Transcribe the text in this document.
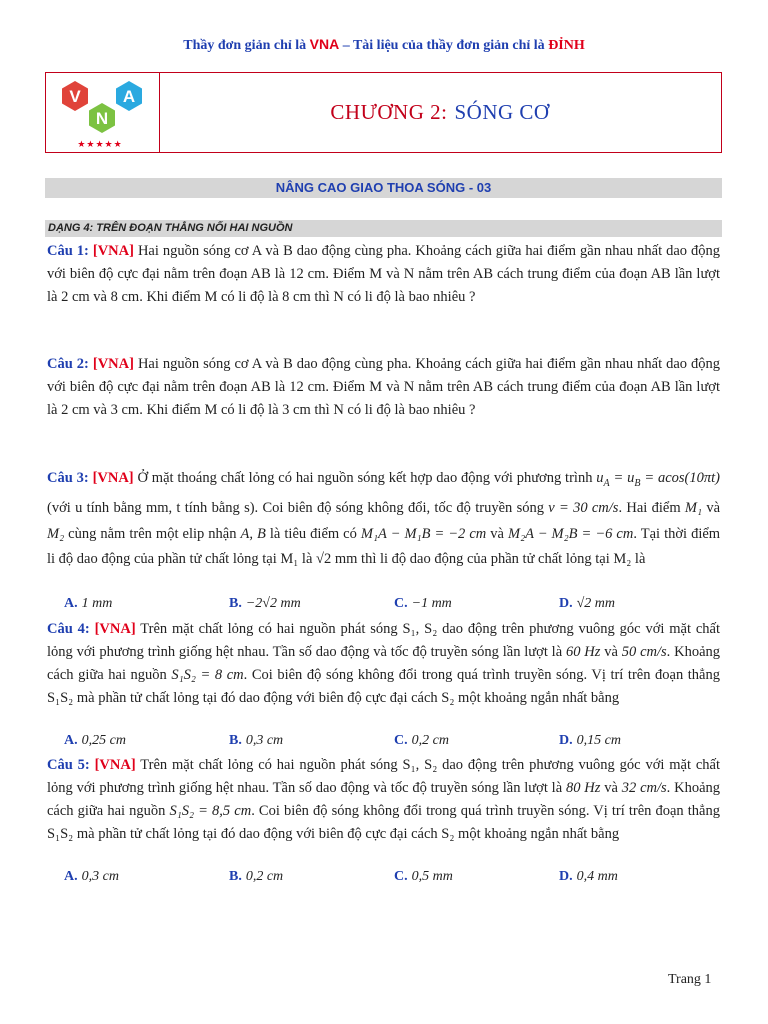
Thầy đơn giản chỉ là VNA – Tài liệu của thầy đơn giản chỉ là ĐỈNH
V A
N
★★★★★
CHƯƠNG 2: SÓNG CƠ
NÂNG CAO GIAO THOA SÓNG - 03
DẠNG 4: TRÊN ĐOẠN THẲNG NỐI HAI NGUỒN
Câu 1: [VNA] Hai nguồn sóng cơ A và B dao động cùng pha. Khoảng cách giữa hai điểm gần nhau nhất dao động với biên độ cực đại nằm trên đoạn AB là 12 cm. Điểm M và N nằm trên AB cách trung điểm của đoạn AB lần lượt là 2 cm và 8 cm. Khi điểm M có li độ là 8 cm thì N có li độ là bao nhiêu ?
Câu 2: [VNA] Hai nguồn sóng cơ A và B dao động cùng pha. Khoảng cách giữa hai điểm gần nhau nhất dao động với biên độ cực đại nằm trên đoạn AB là 12 cm. Điểm M và N nằm trên AB cách trung điểm của đoạn AB lần lượt là 2 cm và 3 cm. Khi điểm M có li độ là 3 cm thì N có li độ là bao nhiêu ?
Câu 3: [VNA] Ở mặt thoáng chất lỏng có hai nguồn sóng kết hợp dao động với phương trình $u_A = u_B = acos(10\pi t)$ (với u tính bằng mm, t tính bằng s). Coi biên độ sóng không đổi, tốc độ truyền sóng v = 30 cm/s. Hai điểm M₁ và M₂ cùng nằm trên một elip nhận A, B là tiêu điểm có M₁A − M₁B = −2 cm và M₂A − M₂B = −6 cm. Tại thời điểm li độ dao động của phần tử chất lỏng tại M₁ là √2 mm thì li độ dao động của phần tử chất lỏng tại M₂ là
A. 1 mm	B. −2√2 mm	C. −1 mm	D. √2 mm
Câu 4: [VNA] Trên mặt chất lỏng có hai nguồn phát sóng S₁, S₂ dao động trên phương vuông góc với mặt chất lỏng với phương trình giống hệt nhau. Tần số dao động và tốc độ truyền sóng lần lượt là 60 Hz và 50 cm/s. Khoảng cách giữa hai nguồn S₁S₂ = 8 cm. Coi biên độ sóng không đổi trong quá trình truyền sóng. Vị trí trên đoạn thẳng S₁S₂ mà phần tử chất lỏng tại đó dao động với biên độ cực đại cách S₂ một khoảng ngắn nhất bằng
A. 0,25 cm	B. 0,3 cm	C. 0,2 cm	D. 0,15 cm
Câu 5: [VNA] Trên mặt chất lỏng có hai nguồn phát sóng S₁, S₂ dao động trên phương vuông góc với mặt chất lỏng với phương trình giống hệt nhau. Tần số dao động và tốc độ truyền sóng lần lượt là 80 Hz và 32 cm/s. Khoảng cách giữa hai nguồn S₁S₂ = 8,5 cm. Coi biên độ sóng không đổi trong quá trình truyền sóng. Vị trí trên đoạn thẳng S₁S₂ mà phần tử chất lỏng tại đó dao động với biên độ cực đại cách S₂ một khoảng ngắn nhất bằng
A. 0,3 cm	B. 0,2 cm	C. 0,5 mm	D. 0,4 mm
Trang 1
